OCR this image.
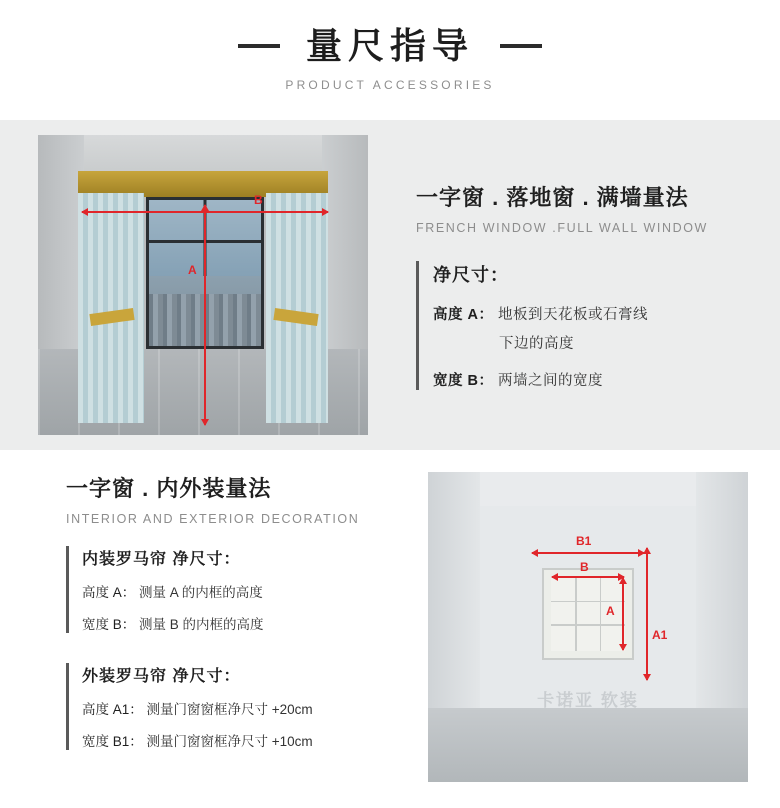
量尺指导
PRODUCT ACCESSORIES
B
A
一字窗 . 落地窗 . 满墙量法
FRENCH WINDOW .FULL WALL WINDOW
净尺寸：
高度 A： 地板到天花板或石膏线
下边的高度
宽度 B： 两墙之间的宽度
一字窗 . 内外装量法
INTERIOR AND EXTERIOR DECORATION
内装罗马帘 净尺寸：
高度 A： 测量 A 的内框的高度
宽度 B： 测量 B 的内框的高度
外装罗马帘 净尺寸：
高度 A1： 测量门窗窗框净尺寸 +20cm
宽度 B1： 测量门窗窗框净尺寸 +10cm
B1
B
A
A1
卡诺亚 软装
